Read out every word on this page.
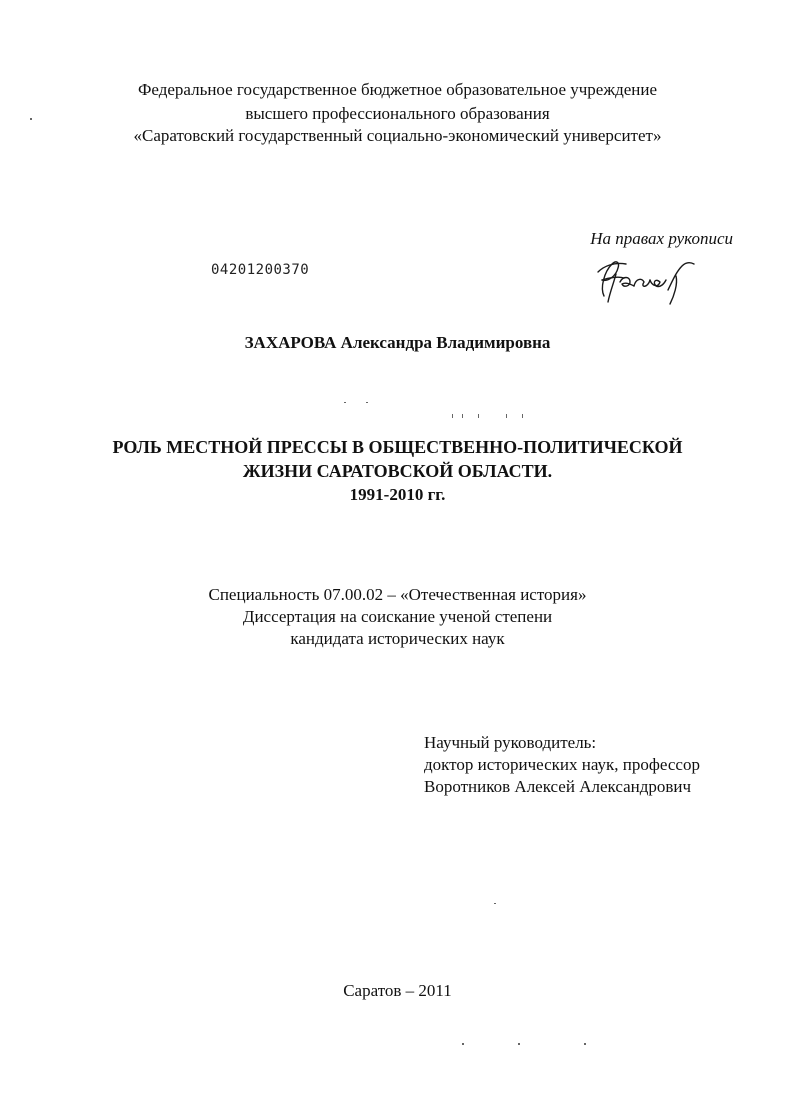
Федеральное государственное бюджетное образовательное учреждение
высшего профессионального образования
«Саратовский государственный социально-экономический университет»
На правах рукописи
04201200370
ЗАХАРОВА Александра Владимировна
РОЛЬ МЕСТНОЙ ПРЕССЫ В ОБЩЕСТВЕННО-ПОЛИТИЧЕСКОЙ
ЖИЗНИ САРАТОВСКОЙ ОБЛАСТИ.
1991-2010 гг.
Специальность 07.00.02 – «Отечественная история»
Диссертация на соискание ученой степени
кандидата исторических наук
Научный руководитель:
доктор исторических наук, профессор
Воротников Алексей Александрович
Саратов – 2011
